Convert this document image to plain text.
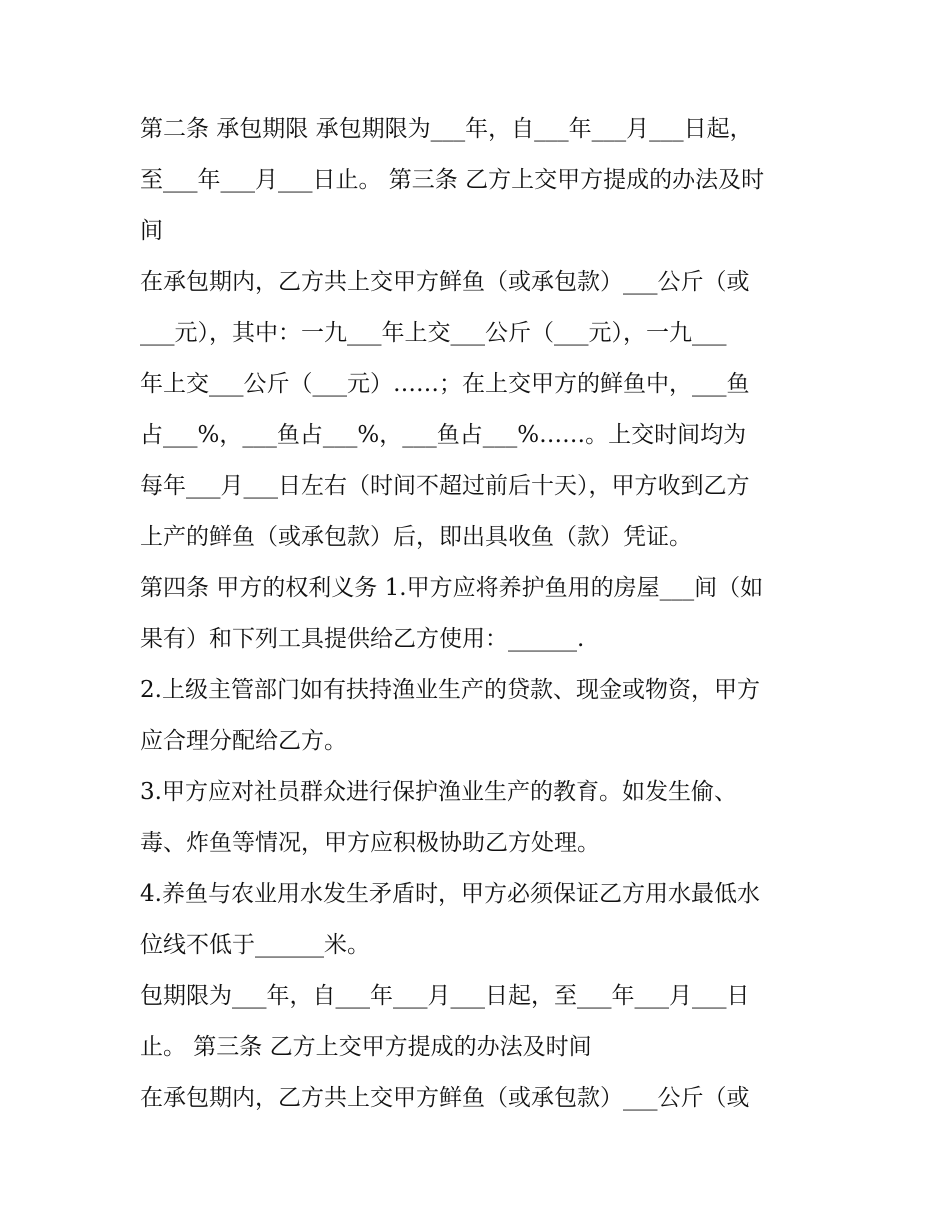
第二条 承包期限 承包期限为___年，自___年___月___日起，
至___年___月___日止。 第三条 乙方上交甲方提成的办法及时
间

在承包期内，乙方共上交甲方鲜鱼（或承包款）___公斤（或
___元），其中：一九___年上交___公斤（___元），一九___
年上交___公斤（___元）……；在上交甲方的鲜鱼中，___鱼
占___%，___鱼占___%，___鱼占___%……。上交时间均为
每年___月___日左右（时间不超过前后十天），甲方收到乙方
上产的鲜鱼（或承包款）后，即出具收鱼（款）凭证。

第四条 甲方的权利义务 1.甲方应将养护鱼用的房屋___间（如
果有）和下列工具提供给乙方使用：______.

2.上级主管部门如有扶持渔业生产的贷款、现金或物资，甲方
应合理分配给乙方。

3.甲方应对社员群众进行保护渔业生产的教育。如发生偷、
毒、炸鱼等情况，甲方应积极协助乙方处理。

4.养鱼与农业用水发生矛盾时，甲方必须保证乙方用水最低水
位线不低于______米。

包期限为___年，自___年___月___日起，至___年___月___日
止。 第三条 乙方上交甲方提成的办法及时间

在承包期内，乙方共上交甲方鲜鱼（或承包款）___公斤（或
